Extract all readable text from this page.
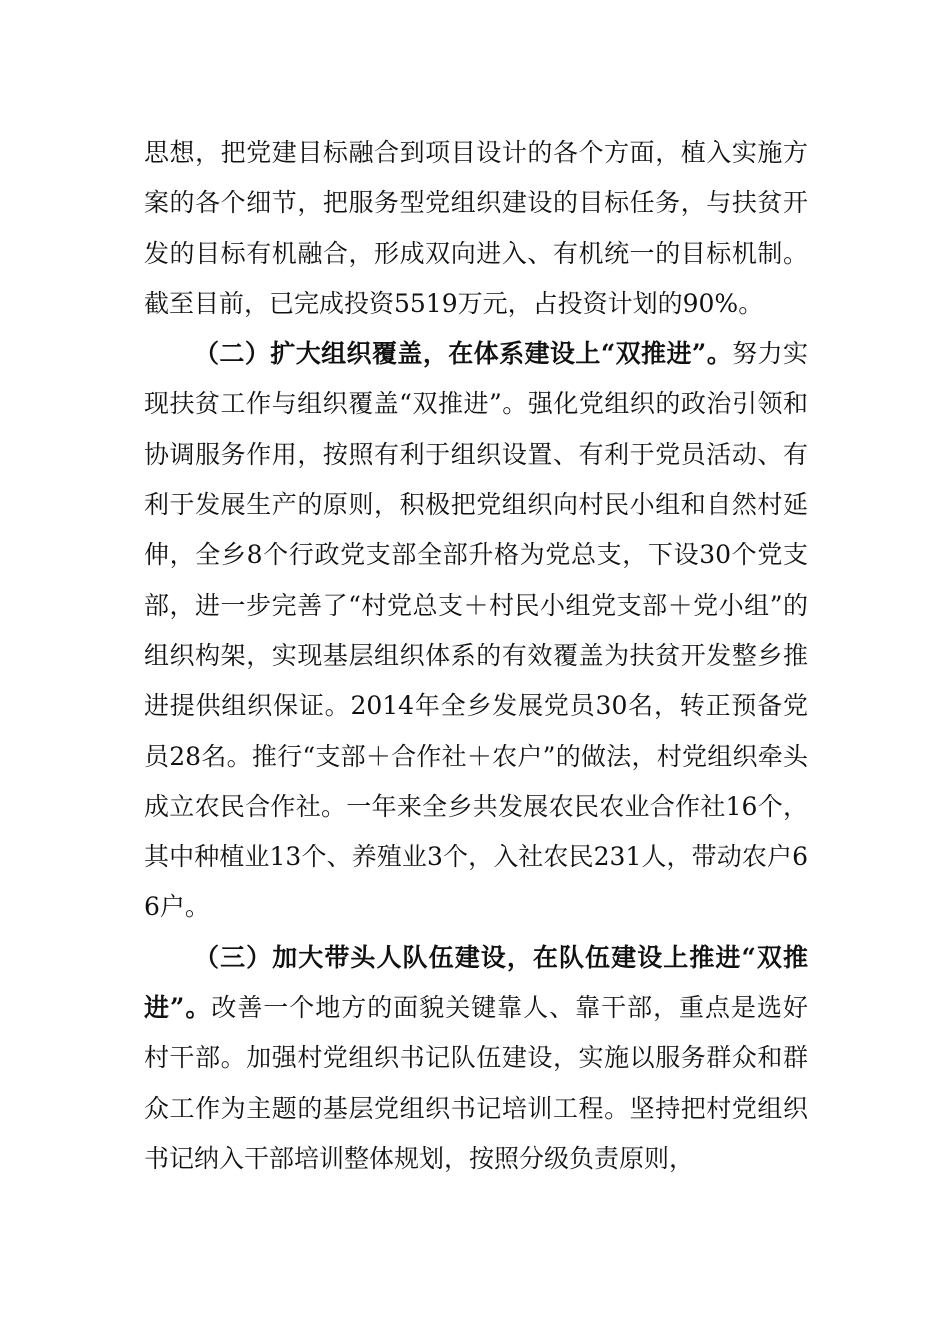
思想，把党建目标融合到项目设计的各个方面，植入实施方案的各个细节，把服务型党组织建设的目标任务，与扶贫开发的目标有机融合，形成双向进入、有机统一的目标机制。截至目前，已完成投资5519万元，占投资计划的90%。

（二）扩大组织覆盖，在体系建设上“双推进”。努力实现扶贫工作与组织覆盖“双推进”。强化党组织的政治引领和协调服务作用，按照有利于组织设置、有利于党员活动、有利于发展生产的原则，积极把党组织向村民小组和自然村延伸，全乡8个行政党支部全部升格为党总支，下设30个党支部，进一步完善了“村党总支＋村民小组党支部＋党小组”的组织构架，实现基层组织体系的有效覆盖为扶贫开发整乡推进提供组织保证。2014年全乡发展党员30名，转正预备党员28名。推行“支部＋合作社＋农户”的做法，村党组织牵头成立农民合作社。一年来全乡共发展农民农业合作社16个，其中种植业13个、养殖业3个，入社农民231人，带动农户66户。

（三）加大带头人队伍建设，在队伍建设上推进“双推进”。改善一个地方的面貌关键靠人、靠干部，重点是选好村干部。加强村党组织书记队伍建设，实施以服务群众和群众工作为主题的基层党组织书记培训工程。坚持把村党组织书记纳入干部培训整体规划，按照分级负责原则，
